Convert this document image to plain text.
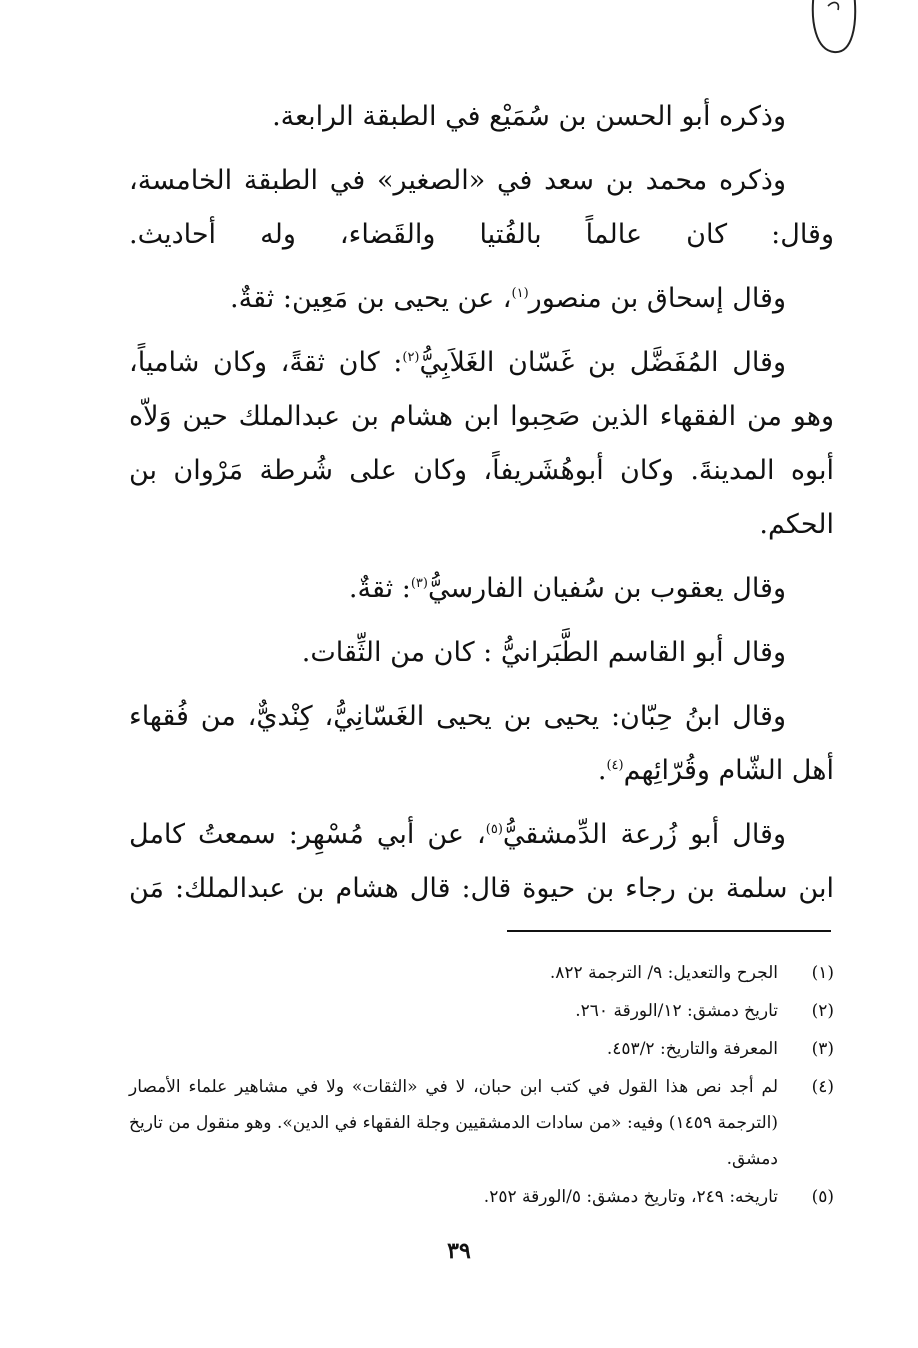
وذكره أبو الحسن بن سُمَيْع في الطبقة الرابعة.

وذكره محمد بن سعد في «الصغير» في الطبقة الخامسة، وقال: كان عالماً بالفُتيا والقَضاء، وله أحاديث.

وقال إسحاق بن منصور$^{(١)}$، عن يحيى بن مَعِين: ثقةٌ.

وقال المُفَضَّل بن غَسّان الغَلاَبِيُّ$^{(٢)}$: كان ثقةً، وكان شامياً، وهو من الفقهاء الذين صَحِبوا ابن هشام بن عبدالملك حين وَلاّه أبوه المدينةَ. وكان أبوهُشَريفاً، وكان على شُرطة مَرْوان بن الحكم.

وقال يعقوب بن سُفيان الفارسيُّ$^{(٣)}$: ثقةٌ.

وقال أبو القاسم الطَّبَرانيُّ : كان من الثِّقات.

وقال ابنُ حِبّان: يحيى بن يحيى الغَسّانِيُّ، كِنْديٌّ، من فُقهاء أهل الشّام وقُرّائِهم$^{(٤)}$.

وقال أبو زُرعة الدِّمشقيُّ$^{(٥)}$، عن أبي مُسْهِر: سمعتُ كامل ابن سلمة بن رجاء بن حيوة قال: قال هشام بن عبدالملك: مَن

(١)
الجرح والتعديل: ٩/ الترجمة ٨٢٢.
(٢)
تاريخ دمشق: ١٢/الورقة ٢٦٠.
(٣)
المعرفة والتاريخ: ٤٥٣/٢.
(٤)
لم أجد نص هذا القول في كتب ابن حبان، لا في «الثقات» ولا في مشاهير علماء الأمصار (الترجمة ١٤٥٩) وفيه: «من سادات الدمشقيين وجلة الفقهاء في الدين». وهو منقول من تاريخ دمشق.
(٥)
تاريخه: ٢٤٩، وتاريخ دمشق: ٥/الورقة ٢٥٢.
٣٩
